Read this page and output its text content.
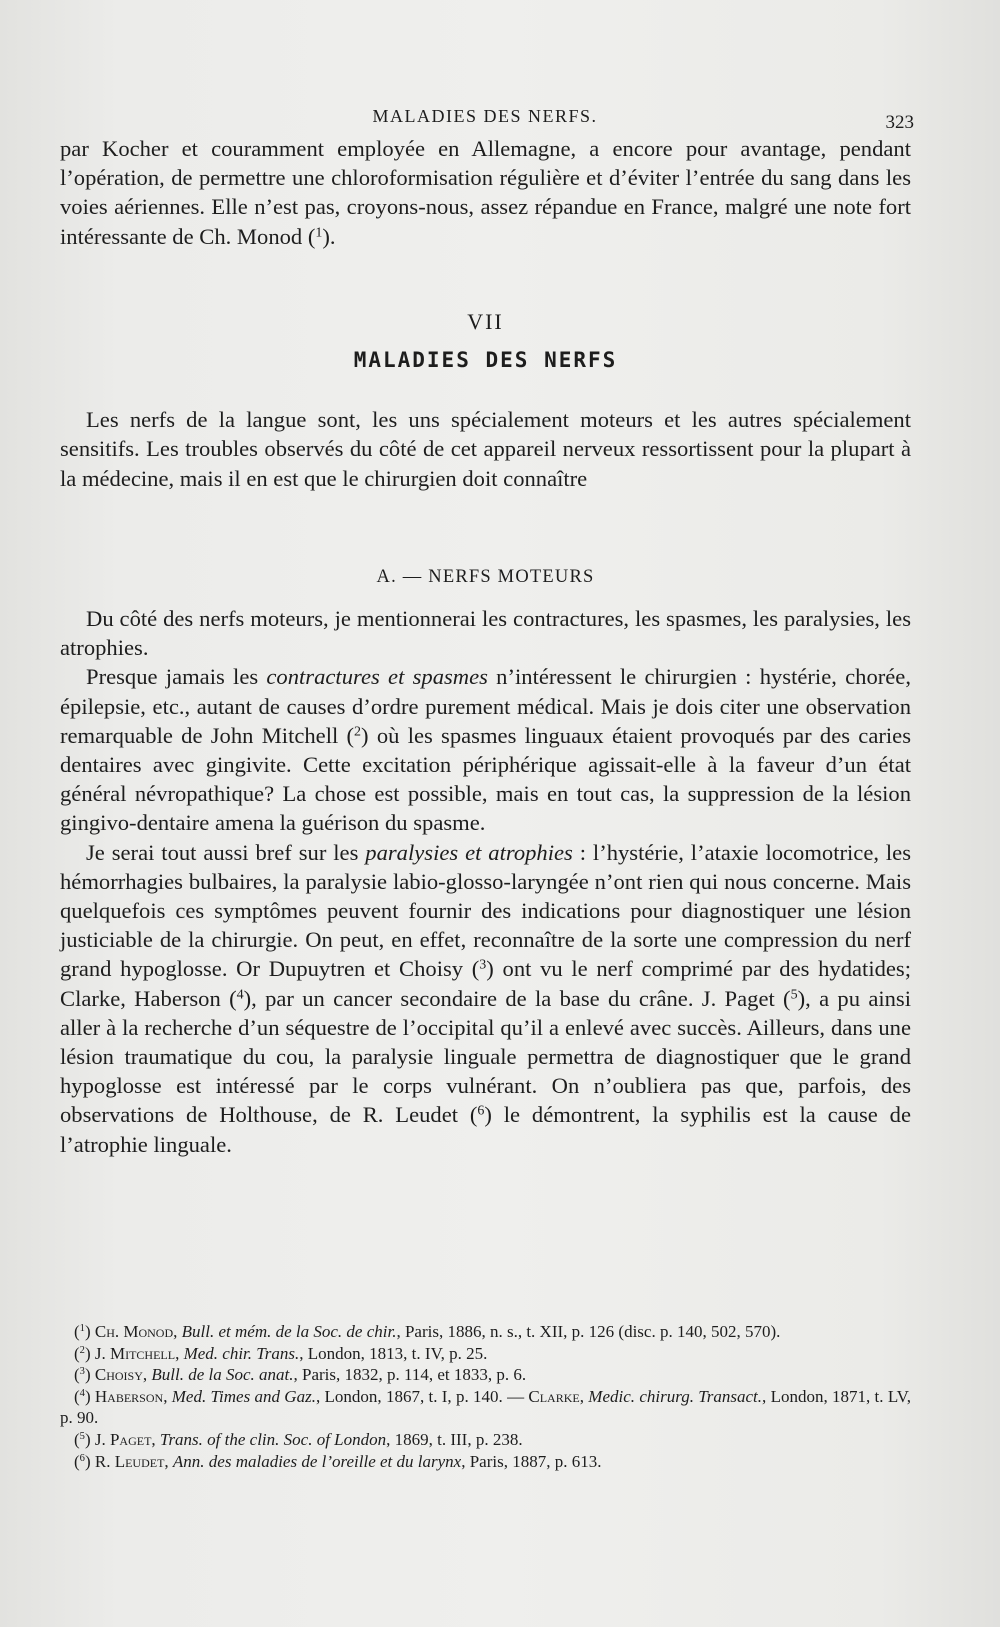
MALADIES DES NERFS.	323

par Kocher et couramment employée en Allemagne, a encore pour avantage, pendant l’opération, de permettre une chloroformisation régulière et d’éviter l’entrée du sang dans les voies aériennes. Elle n’est pas, croyons-nous, assez répandue en France, malgré une note fort intéressante de Ch. Monod ($^1$).

VII
MALADIES DES NERFS

Les nerfs de la langue sont, les uns spécialement moteurs et les autres spécialement sensitifs. Les troubles observés du côté de cet appareil nerveux ressortissent pour la plupart à la médecine, mais il en est que le chirurgien doit connaître

A. — NERFS MOTEURS

Du côté des nerfs moteurs, je mentionnerai les contractures, les spasmes, les paralysies, les atrophies.

Presque jamais les contractures et spasmes n’intéressent le chirurgien : hystérie, chorée, épilepsie, etc., autant de causes d’ordre purement médical. Mais je dois citer une observation remarquable de John Mitchell ($^2$) où les spasmes linguaux étaient provoqués par des caries dentaires avec gingivite. Cette excitation périphérique agissait-elle à la faveur d’un état général névropathique? La chose est possible, mais en tout cas, la suppression de la lésion gingivo-dentaire amena la guérison du spasme.

Je serai tout aussi bref sur les paralysies et atrophies : l’hystérie, l’ataxie locomotrice, les hémorrhagies bulbaires, la paralysie labio-glosso-laryngée n’ont rien qui nous concerne. Mais quelquefois ces symptômes peuvent fournir des indications pour diagnostiquer une lésion justiciable de la chirurgie. On peut, en effet, reconnaître de la sorte une compression du nerf grand hypoglosse. Or Dupuytren et Choisy ($^3$) ont vu le nerf comprimé par des hydatides; Clarke, Haberson ($^4$), par un cancer secondaire de la base du crâne. J. Paget ($^5$), a pu ainsi aller à la recherche d’un séquestre de l’occipital qu’il a enlevé avec succès. Ailleurs, dans une lésion traumatique du cou, la paralysie linguale permettra de diagnostiquer que le grand hypoglosse est intéressé par le corps vulnérant. On n’oubliera pas que, parfois, des observations de Holthouse, de R. Leudet ($^6$) le démontrent, la syphilis est la cause de l’atrophie linguale.

($^1$) Ch. Monod, Bull. et mém. de la Soc. de chir., Paris, 1886, n. s., t. XII, p. 126 (disc. p. 140, 502, 570).

($^2$) J. Mitchell, Med. chir. Trans., London, 1813, t. IV, p. 25.

($^3$) Choisy, Bull. de la Soc. anat., Paris, 1832, p. 114, et 1833, p. 6.

($^4$) Haberson, Med. Times and Gaz., London, 1867, t. I, p. 140. — Clarke, Medic. chirurg. Transact., London, 1871, t. LV, p. 90.

($^5$) J. Paget, Trans. of the clin. Soc. of London, 1869, t. III, p. 238.

($^6$) R. Leudet, Ann. des maladies de l’oreille et du larynx, Paris, 1887, p. 613.
